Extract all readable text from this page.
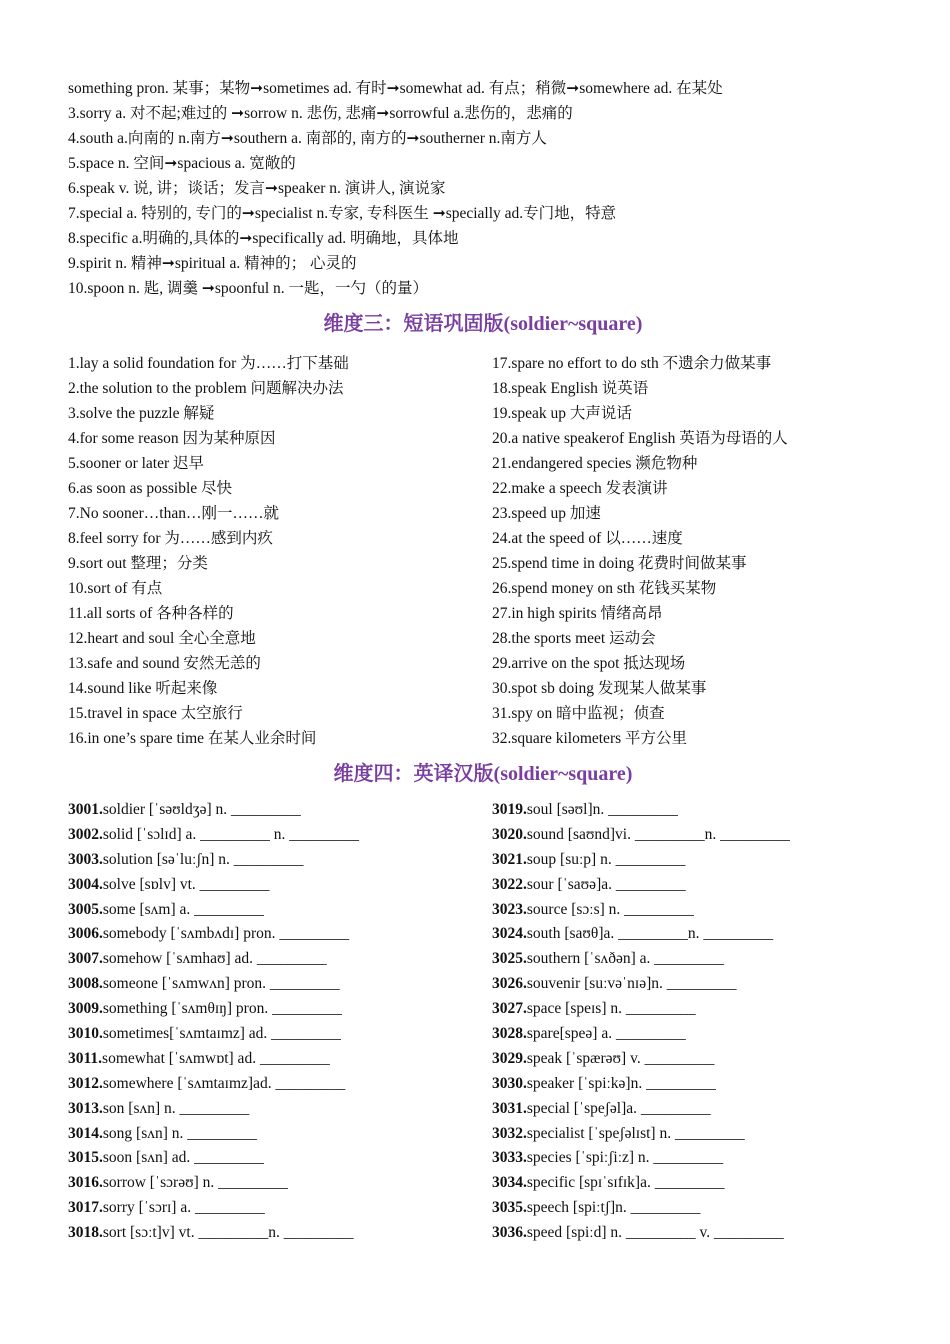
something pron. 某事；某物➞sometimes ad. 有时➞somewhat ad. 有点；稍微➞somewhere ad. 在某处
3.sorry a. 对不起;难过的 ➞sorrow n. 悲伤, 悲痛➞sorrowful a.悲伤的，悲痛的
4.south a.向南的 n.南方➞southern a. 南部的, 南方的➞southerner n.南方人
5.space n. 空间➞spacious a. 宽敞的
6.speak v. 说, 讲；谈话；发言➞speaker n. 演讲人, 演说家
7.special a. 特别的, 专门的➞specialist n.专家, 专科医生 ➞specially ad.专门地，特意
8.specific a.明确的,具体的➞specifically ad. 明确地，具体地
9.spirit n. 精神➞spiritual a. 精神的； 心灵的
10.spoon n. 匙, 调羹 ➞spoonful n. 一匙，一勺（的量）
维度三：短语巩固版(soldier~square)
1.lay a solid foundation for 为……打下基础
2.the solution to the problem 问题解决办法
3.solve the puzzle 解疑
4.for some reason 因为某种原因
5.sooner or later 迟早
6.as soon as possible 尽快
7.No sooner…than…刚一……就
8.feel sorry for 为……感到内疚
9.sort out 整理；分类
10.sort of 有点
11.all sorts of 各种各样的
12.heart and soul 全心全意地
13.safe and sound 安然无恙的
14.sound like 听起来像
15.travel in space 太空旅行
16.in one’s spare time 在某人业余时间
17.spare no effort to do sth 不遗余力做某事
18.speak English 说英语
19.speak up 大声说话
20.a native speakerof English 英语为母语的人
21.endangered species 濒危物种
22.make a speech 发表演讲
23.speed up 加速
24.at the speed of 以……速度
25.spend time in doing 花费时间做某事
26.spend money on sth 花钱买某物
27.in high spirits 情绪高昂
28.the sports meet 运动会
29.arrive on the spot 抵达现场
30.spot sb doing 发现某人做某事
31.spy on 暗中监视；侦查
32.square kilometers 平方公里
维度四：英译汉版(soldier~square)
3001.soldier [ˈsəʊldʒə] n. _________
3002.solid [ˈsɔlɪd] a. _________ n. _________
3003.solution [səˈluːʃn] n. _________
3004.solve [sɒlv] vt. _________
3005.some [sʌm] a. _________
3006.somebody [ˈsʌmbʌdɪ] pron. _________
3007.somehow [ˈsʌmhaʊ] ad. _________
3008.someone [ˈsʌmwʌn] pron. _________
3009.something [ˈsʌmθɪŋ] pron. _________
3010.sometimes[ˈsʌmtaɪmz] ad. _________
3011.somewhat [ˈsʌmwɒt] ad. _________
3012.somewhere [ˈsʌmtaɪmz]ad. _________
3013.son [sʌn] n. _________
3014.song [sʌn] n. _________
3015.soon [sʌn] ad. _________
3016.sorrow [ˈsɔrəʊ] n. _________
3017.sorry [ˈsɔrɪ] a. _________
3018.sort [sɔːt]v] vt. _________n. _________
3019.soul [səʊl]n. _________
3020.sound [saʊnd]vi. _________n. _________
3021.soup [suːp] n. _________
3022.sour [ˈsaʊə]a. _________
3023.source [sɔːs] n. _________
3024.south [saʊθ]a. _________n. _________
3025.southern [ˈsʌðən] a. _________
3026.souvenir [suːvəˈnɪə]n. _________
3027.space [speɪs] n. _________
3028.spare[speə] a. _________
3029.speak [ˈspærəʊ] v. _________
3030.speaker [ˈspiːkə]n. _________
3031.special [ˈspeʃəl]a. _________
3032.specialist [ˈspeʃəlɪst] n. _________
3033.species [ˈspiːʃiːz] n. _________
3034.specific [spɪˈsɪfɪk]a. _________
3035.speech [spiːtʃ]n. _________
3036.speed [spiːd] n. _________ v. _________
